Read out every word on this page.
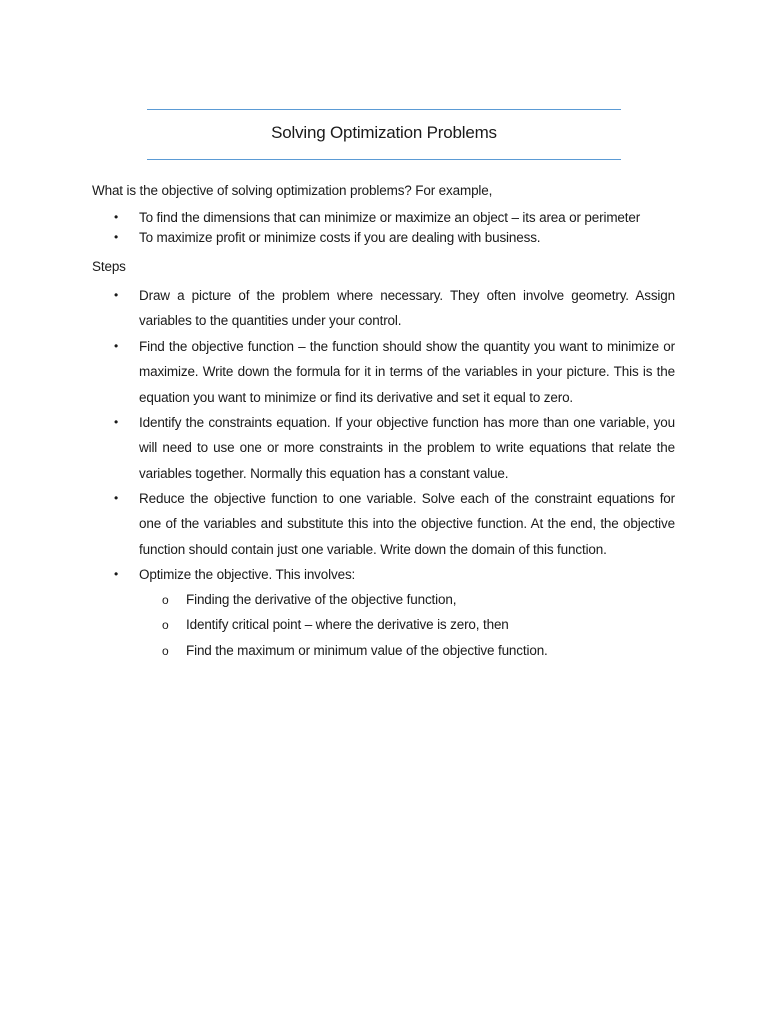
Solving Optimization Problems
What is the objective of solving optimization problems? For example,
• To find the dimensions that can minimize or maximize an object – its area or perimeter
• To maximize profit or minimize costs if you are dealing with business.
Steps
• Draw a picture of the problem where necessary. They often involve geometry. Assign variables to the quantities under your control.
• Find the objective function – the function should show the quantity you want to minimize or maximize. Write down the formula for it in terms of the variables in your picture. This is the equation you want to minimize or find its derivative and set it equal to zero.
• Identify the constraints equation. If your objective function has more than one variable, you will need to use one or more constraints in the problem to write equations that relate the variables together. Normally this equation has a constant value.
• Reduce the objective function to one variable. Solve each of the constraint equations for one of the variables and substitute this into the objective function. At the end, the objective function should contain just one variable. Write down the domain of this function.
• Optimize the objective. This involves:
o Finding the derivative of the objective function,
o Identify critical point – where the derivative is zero, then
o Find the maximum or minimum value of the objective function.
